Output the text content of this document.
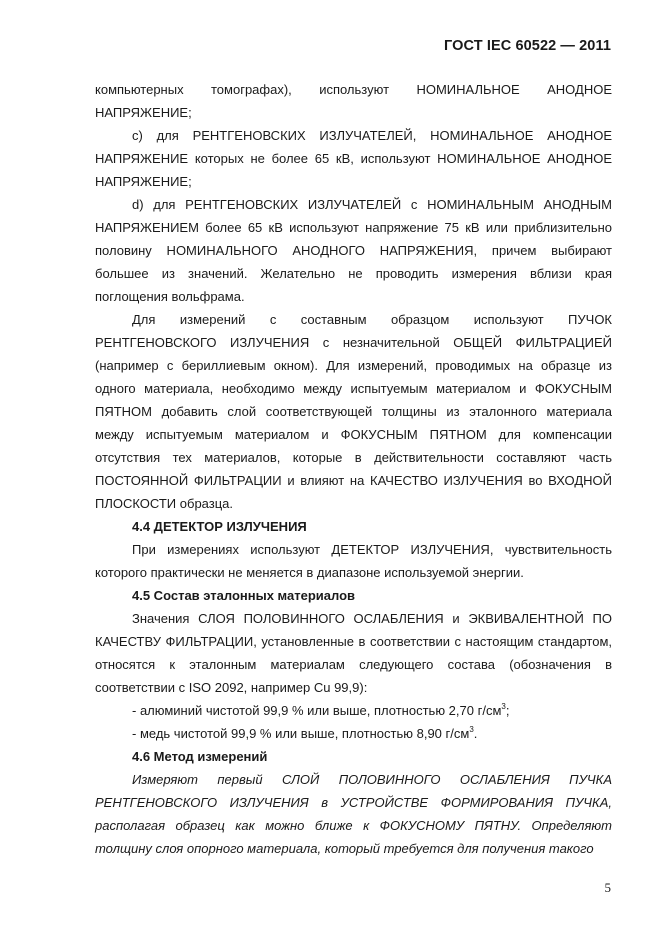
ГОСТ IEC 60522 — 2011

компьютерных томографах), используют НОМИНАЛЬНОЕ АНОДНОЕ НАПРЯЖЕНИЕ;

c) для РЕНТГЕНОВСКИХ ИЗЛУЧАТЕЛЕЙ, НОМИНАЛЬНОЕ АНОДНОЕ НАПРЯЖЕНИЕ которых не более 65 кВ, используют НОМИНАЛЬНОЕ АНОДНОЕ НАПРЯЖЕНИЕ;

d) для РЕНТГЕНОВСКИХ ИЗЛУЧАТЕЛЕЙ с НОМИНАЛЬНЫМ АНОДНЫМ НАПРЯЖЕНИЕМ более 65 кВ используют напряжение 75 кВ или приблизительно половину НОМИНАЛЬНОГО АНОДНОГО НАПРЯЖЕНИЯ, причем выбирают большее из значений. Желательно не проводить измерения вблизи края поглощения вольфрама.

Для измерений с составным образцом используют ПУЧОК РЕНТГЕНОВСКОГО ИЗЛУЧЕНИЯ с незначительной ОБЩЕЙ ФИЛЬТРАЦИЕЙ (например с бериллиевым окном). Для измерений, проводимых на образце из одного материала, необходимо между испытуемым материалом и ФОКУСНЫМ ПЯТНОМ добавить слой соответствующей толщины из эталонного материала между испытуемым материалом и ФОКУСНЫМ ПЯТНОМ для компенсации отсутствия тех материалов, которые в действительности составляют часть ПОСТОЯННОЙ ФИЛЬТРАЦИИ и влияют на КАЧЕСТВО ИЗЛУЧЕНИЯ во ВХОДНОЙ ПЛОСКОСТИ образца.

4.4 ДЕТЕКТОР ИЗЛУЧЕНИЯ

При измерениях используют ДЕТЕКТОР ИЗЛУЧЕНИЯ, чувствительность которого практически не меняется в диапазоне используемой энергии.

4.5 Состав эталонных материалов

Значения СЛОЯ ПОЛОВИННОГО ОСЛАБЛЕНИЯ и ЭКВИВАЛЕНТНОЙ ПО КАЧЕСТВУ ФИЛЬТРАЦИИ, установленные в соответствии с настоящим стандартом, относятся к эталонным материалам следующего состава (обозначения в соответствии с ISO 2092, например Cu 99,9):

- алюминий чистотой 99,9 % или выше, плотностью 2,70 $г/см^3$;

- медь чистотой 99,9 % или выше, плотностью 8,90 $г/см^3$.

4.6 Метод измерений

Измеряют первый СЛОЙ ПОЛОВИННОГО ОСЛАБЛЕНИЯ ПУЧКА РЕНТГЕНОВСКОГО ИЗЛУЧЕНИЯ в УСТРОЙСТВЕ ФОРМИРОВАНИЯ ПУЧКА, располагая образец как можно ближе к ФОКУСНОМУ ПЯТНУ. Определяют толщину слоя опорного материала, который требуется для получения такого

5
